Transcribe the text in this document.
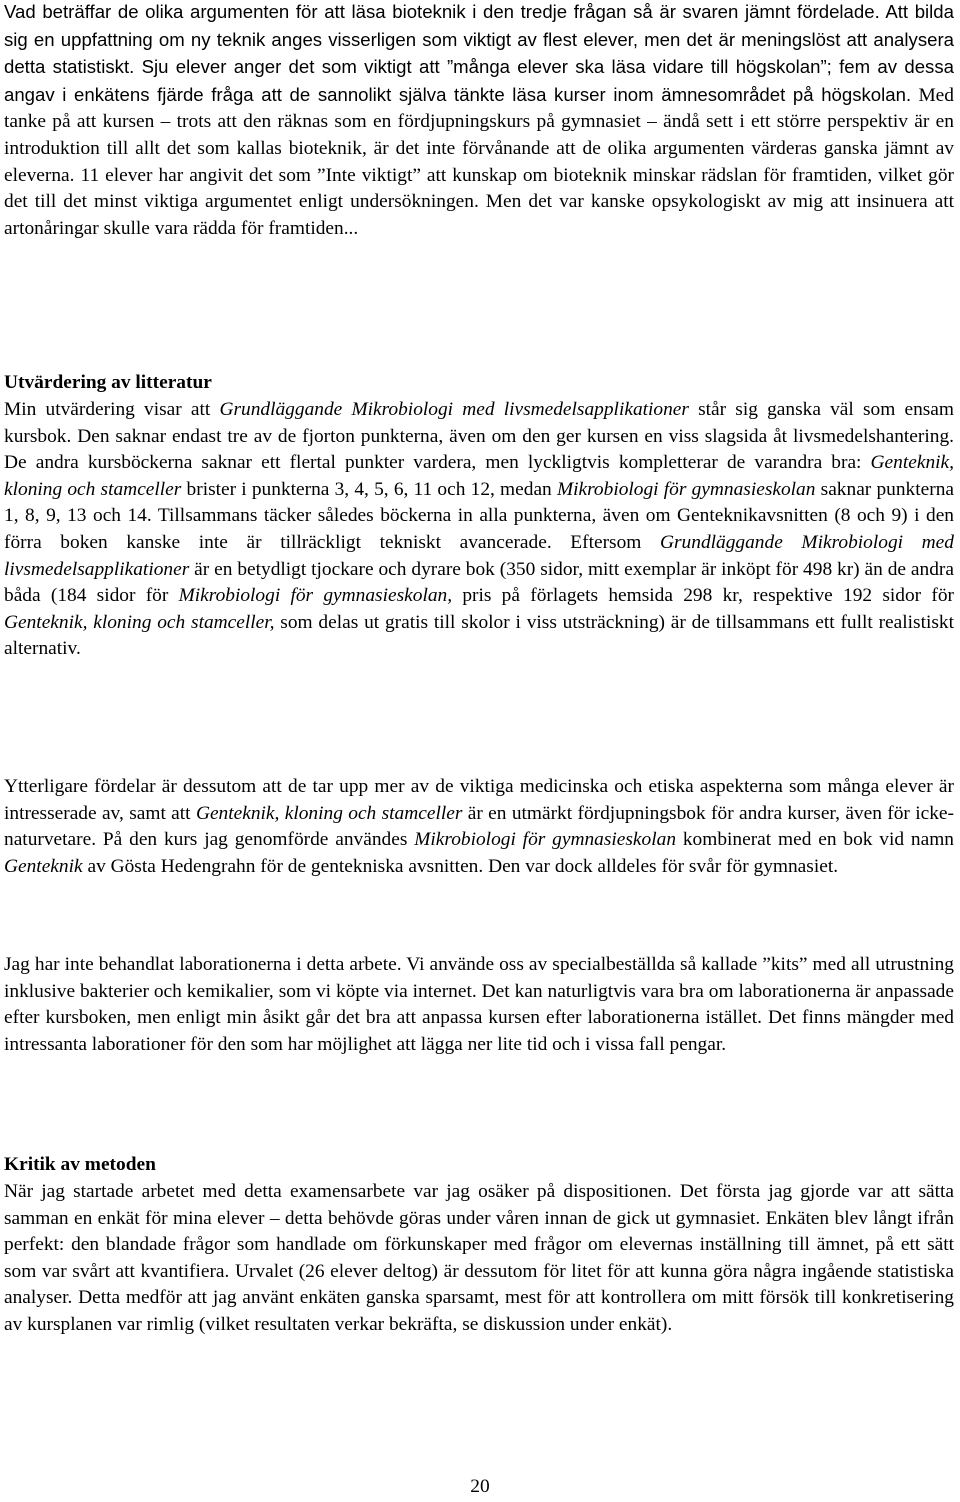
Vad beträffar de olika argumenten för att läsa bioteknik i den tredje frågan så är svaren jämnt fördelade. Att bilda sig en uppfattning om ny teknik anges visserligen som viktigt av flest elever, men det är meningslöst att analysera detta statistiskt. Sju elever anger det som viktigt att ”många elever ska läsa vidare till högskolan”; fem av dessa angav i enkätens fjärde fråga att de sannolikt själva tänkte läsa kurser inom ämnesområdet på högskolan. Med tanke på att kursen – trots att den räknas som en fördjupningskurs på gymnasiet – ändå sett i ett större perspektiv är en introduktion till allt det som kallas bioteknik, är det inte förvånande att de olika argumenten värderas ganska jämnt av eleverna. 11 elever har angivit det som ”Inte viktigt” att kunskap om bioteknik minskar rädslan för framtiden, vilket gör det till det minst viktiga argumentet enligt undersökningen. Men det var kanske opsykologiskt av mig att insinuera att artonåringar skulle vara rädda för framtiden...

Utvärdering av litteratur

Min utvärdering visar att Grundläggande Mikrobiologi med livsmedelsapplikationer står sig ganska väl som ensam kursbok. Den saknar endast tre av de fjorton punkterna, även om den ger kursen en viss slagsida åt livsmedelshantering. De andra kursböckerna saknar ett flertal punkter vardera, men lyckligtvis kompletterar de varandra bra: Genteknik, kloning och stamceller brister i punkterna 3, 4, 5, 6, 11 och 12, medan Mikrobiologi för gymnasieskolan saknar punkterna 1, 8, 9, 13 och 14. Tillsammans täcker således böckerna in alla punkterna, även om Genteknikavsnitten (8 och 9) i den förra boken kanske inte är tillräckligt tekniskt avancerade. Eftersom Grundläggande Mikrobiologi med livsmedelsapplikationer är en betydligt tjockare och dyrare bok (350 sidor, mitt exemplar är inköpt för 498 kr) än de andra båda (184 sidor för Mikrobiologi för gymnasieskolan, pris på förlagets hemsida 298 kr, respektive 192 sidor för Genteknik, kloning och stamceller, som delas ut gratis till skolor i viss utsträckning) är de tillsammans ett fullt realistiskt alternativ.

Ytterligare fördelar är dessutom att de tar upp mer av de viktiga medicinska och etiska aspekterna som många elever är intresserade av, samt att Genteknik, kloning och stamceller är en utmärkt fördjupningsbok för andra kurser, även för icke-naturvetare. På den kurs jag genomförde användes Mikrobiologi för gymnasieskolan kombinerat med en bok vid namn Genteknik av Gösta Hedengrahn för de gentekniska avsnitten. Den var dock alldeles för svår för gymnasiet.

Jag har inte behandlat laborationerna i detta arbete. Vi använde oss av specialbeställda så kallade ”kits” med all utrustning inklusive bakterier och kemikalier, som vi köpte via internet. Det kan naturligtvis vara bra om laborationerna är anpassade efter kursboken, men enligt min åsikt går det bra att anpassa kursen efter laborationerna istället. Det finns mängder med intressanta laborationer för den som har möjlighet att lägga ner lite tid och i vissa fall pengar.

Kritik av metoden

När jag startade arbetet med detta examensarbete var jag osäker på dispositionen. Det första jag gjorde var att sätta samman en enkät för mina elever – detta behövde göras under våren innan de gick ut gymnasiet. Enkäten blev långt ifrån perfekt: den blandade frågor som handlade om förkunskaper med frågor om elevernas inställning till ämnet, på ett sätt som var svårt att kvantifiera. Urvalet (26 elever deltog) är dessutom för litet för att kunna göra några ingående statistiska analyser. Detta medför att jag använt enkäten ganska sparsamt, mest för att kontrollera om mitt försök till konkretisering av kursplanen var rimlig (vilket resultaten verkar bekräfta, se diskussion under enkät).

20
